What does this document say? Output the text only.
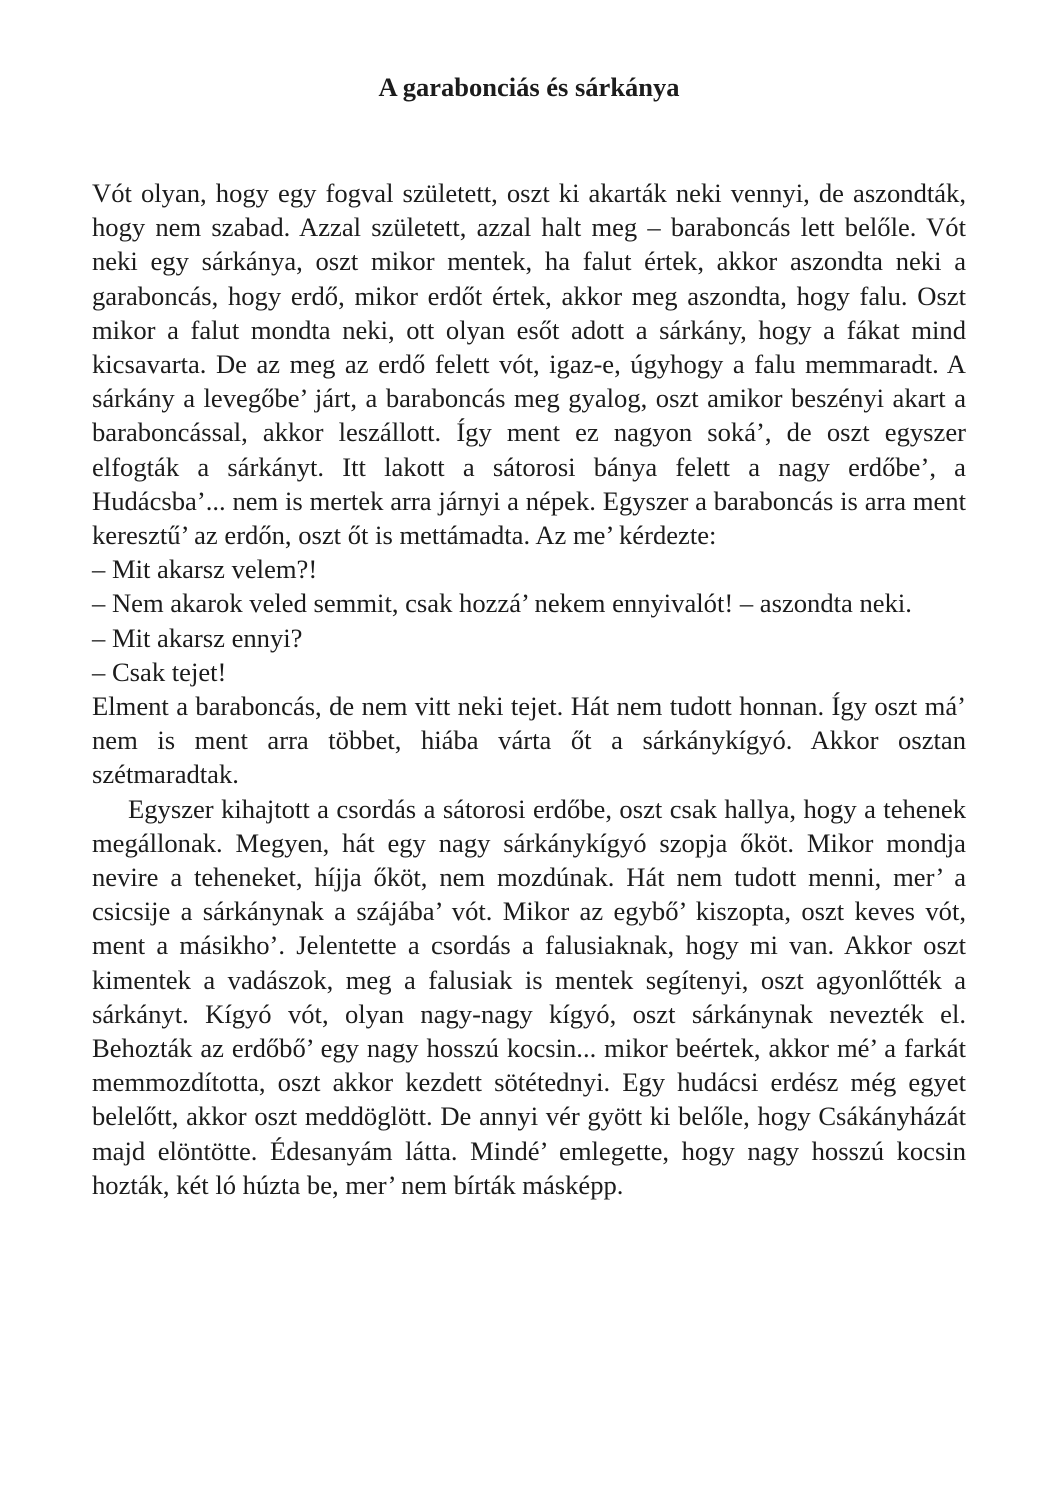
A garabonciás és sárkánya

Vót olyan, hogy egy fogval született, oszt ki akarták neki vennyi, de aszondták, hogy nem szabad. Azzal született, azzal halt meg – baraboncás lett belőle. Vót neki egy sárkánya, oszt mikor mentek, ha falut értek, akkor aszondta neki a garaboncás, hogy erdő, mikor erdőt értek, akkor meg aszondta, hogy falu. Oszt mikor a falut mondta neki, ott olyan esőt adott a sárkány, hogy a fákat mind kicsavarta. De az meg az erdő felett vót, igaz-e, úgyhogy a falu memmaradt. A sárkány a levegőbe’ járt, a baraboncás meg gyalog, oszt amikor beszényi akart a baraboncással, akkor leszállott. Így ment ez nagyon soká’, de oszt egyszer elfogták a sárkányt. Itt lakott a sátorosi bánya felett a nagy erdőbe’, a Hudácsba’... nem is mertek arra járnyi a népek. Egyszer a baraboncás is arra ment keresztű’ az erdőn, oszt őt is mettámadta. Az me’ kérdezte:

– Mit akarsz velem?!

– Nem akarok veled semmit, csak hozzá’ nekem ennyivalót! – aszondta neki.

– Mit akarsz ennyi?

– Csak tejet!

Elment a baraboncás, de nem vitt neki tejet. Hát nem tudott honnan. Így oszt má’ nem is ment arra többet, hiába várta őt a sárkánykígyó. Akkor osztan szétmaradtak.

Egyszer kihajtott a csordás a sátorosi erdőbe, oszt csak hallya, hogy a tehenek megállonak. Megyen, hát egy nagy sárkánykígyó szopja őköt. Mikor mondja nevire a teheneket, híjja őköt, nem mozdúnak. Hát nem tudott menni, mer’ a csicsije a sárkánynak a szájába’ vót. Mikor az egybő’ kiszopta, oszt keves vót, ment a másikho’. Jelentette a csordás a falusiaknak, hogy mi van. Akkor oszt kimentek a vadászok, meg a falusiak is mentek segítenyi, oszt agyonlőtték a sárkányt. Kígyó vót, olyan nagy-nagy kígyó, oszt sárkánynak nevezték el. Behozták az erdőbő’ egy nagy hosszú kocsin... mikor beértek, akkor mé’ a farkát memmozdította, oszt akkor kezdett sötétednyi. Egy hudácsi erdész még egyet belelőtt, akkor oszt meddöglött. De annyi vér gyött ki belőle, hogy Csákányházát majd elöntötte. Édesanyám látta. Mindé’ emlegette, hogy nagy hosszú kocsin hozták, két ló húzta be, mer’ nem bírták másképp.
